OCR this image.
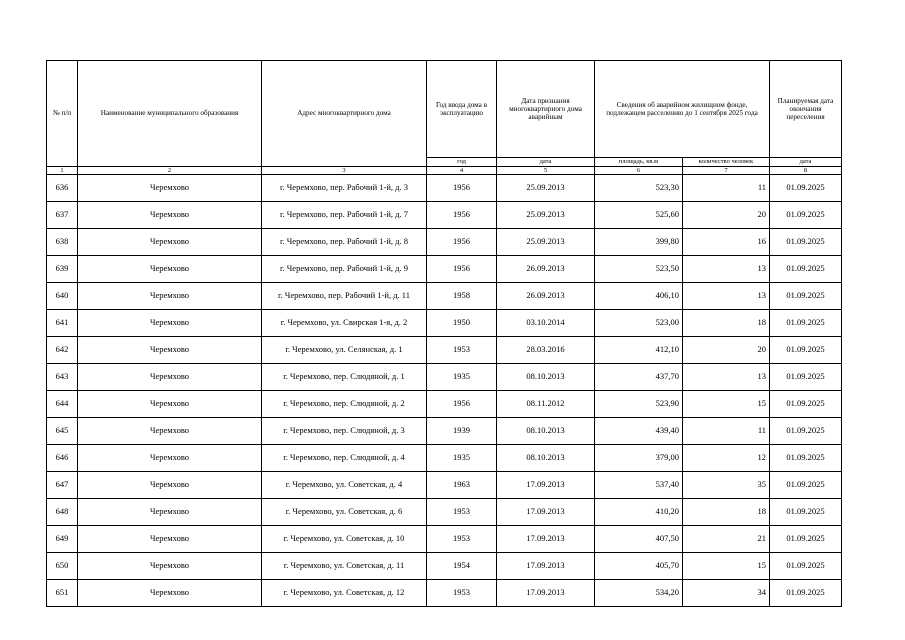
№ п/п	Наименование муниципального образования	Адрес многоквартирного дома	Год ввода дома в эксплуатацию	Дата признания многоквартирного дома аварийным	Сведения об аварийном жилищном фонде, подлежащем расселению до 1 сентября 2025 года		Планируемая дата окончания переселения
			год	дата	площадь, кв.м	количество человек	дата
1	2	3	4	5	6	7	8
636	Черемхово	г. Черемхово, пер. Рабочий 1-й, д. 3	1956	25.09.2013	523,30	11	01.09.2025
637	Черемхово	г. Черемхово, пер. Рабочий 1-й, д. 7	1956	25.09.2013	525,60	20	01.09.2025
638	Черемхово	г. Черемхово, пер. Рабочий 1-й, д. 8	1956	25.09.2013	399,80	16	01.09.2025
639	Черемхово	г. Черемхово, пер. Рабочий 1-й, д. 9	1956	26.09.2013	523,50	13	01.09.2025
640	Черемхово	г. Черемхово, пер. Рабочий 1-й, д. 11	1958	26.09.2013	406,10	13	01.09.2025
641	Черемхово	г. Черемхово, ул. Свирская 1-я, д. 2	1950	03.10.2014	523,00	18	01.09.2025
642	Черемхово	г. Черемхово, ул. Селянская, д. 1	1953	28.03.2016	412,10	20	01.09.2025
643	Черемхово	г. Черемхово, пер. Слюдяной, д. 1	1935	08.10.2013	437,70	13	01.09.2025
644	Черемхово	г. Черемхово, пер. Слюдяной, д. 2	1956	08.11.2012	523,90	15	01.09.2025
645	Черемхово	г. Черемхово, пер. Слюдяной, д. 3	1939	08.10.2013	439,40	11	01.09.2025
646	Черемхово	г. Черемхово, пер. Слюдяной, д. 4	1935	08.10.2013	379,00	12	01.09.2025
647	Черемхово	г. Черемхово, ул. Советская, д. 4	1963	17.09.2013	537,40	35	01.09.2025
648	Черемхово	г. Черемхово, ул. Советская, д. 6	1953	17.09.2013	410,20	18	01.09.2025
649	Черемхово	г. Черемхово, ул. Советская, д. 10	1953	17.09.2013	407,50	21	01.09.2025
650	Черемхово	г. Черемхово, ул. Советская, д. 11	1954	17.09.2013	405,70	15	01.09.2025
651	Черемхово	г. Черемхово, ул. Советская, д. 12	1953	17.09.2013	534,20	34	01.09.2025
